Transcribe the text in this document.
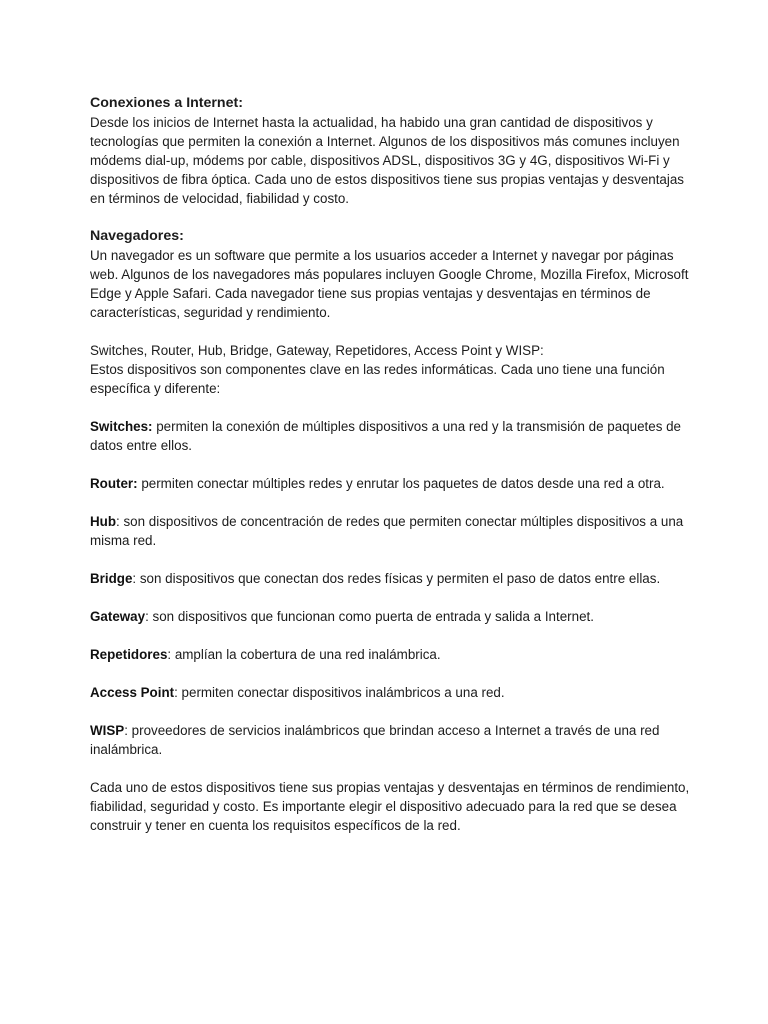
Conexiones a Internet:

Desde los inicios de Internet hasta la actualidad, ha habido una gran cantidad de dispositivos y tecnologías que permiten la conexión a Internet. Algunos de los dispositivos más comunes incluyen módems dial-up, módems por cable, dispositivos ADSL, dispositivos 3G y 4G, dispositivos Wi-Fi y dispositivos de fibra óptica. Cada uno de estos dispositivos tiene sus propias ventajas y desventajas en términos de velocidad, fiabilidad y costo.

Navegadores:

Un navegador es un software que permite a los usuarios acceder a Internet y navegar por páginas web. Algunos de los navegadores más populares incluyen Google Chrome, Mozilla Firefox, Microsoft Edge y Apple Safari. Cada navegador tiene sus propias ventajas y desventajas en términos de características, seguridad y rendimiento.

Switches, Router, Hub, Bridge, Gateway, Repetidores, Access Point y WISP:

Estos dispositivos son componentes clave en las redes informáticas. Cada uno tiene una función específica y diferente:

Switches: permiten la conexión de múltiples dispositivos a una red y la transmisión de paquetes de datos entre ellos.

Router: permiten conectar múltiples redes y enrutar los paquetes de datos desde una red a otra.

Hub: son dispositivos de concentración de redes que permiten conectar múltiples dispositivos a una misma red.

Bridge: son dispositivos que conectan dos redes físicas y permiten el paso de datos entre ellas.

Gateway: son dispositivos que funcionan como puerta de entrada y salida a Internet.

Repetidores: amplían la cobertura de una red inalámbrica.

Access Point: permiten conectar dispositivos inalámbricos a una red.

WISP: proveedores de servicios inalámbricos que brindan acceso a Internet a través de una red inalámbrica.

Cada uno de estos dispositivos tiene sus propias ventajas y desventajas en términos de rendimiento, fiabilidad, seguridad y costo. Es importante elegir el dispositivo adecuado para la red que se desea construir y tener en cuenta los requisitos específicos de la red.
